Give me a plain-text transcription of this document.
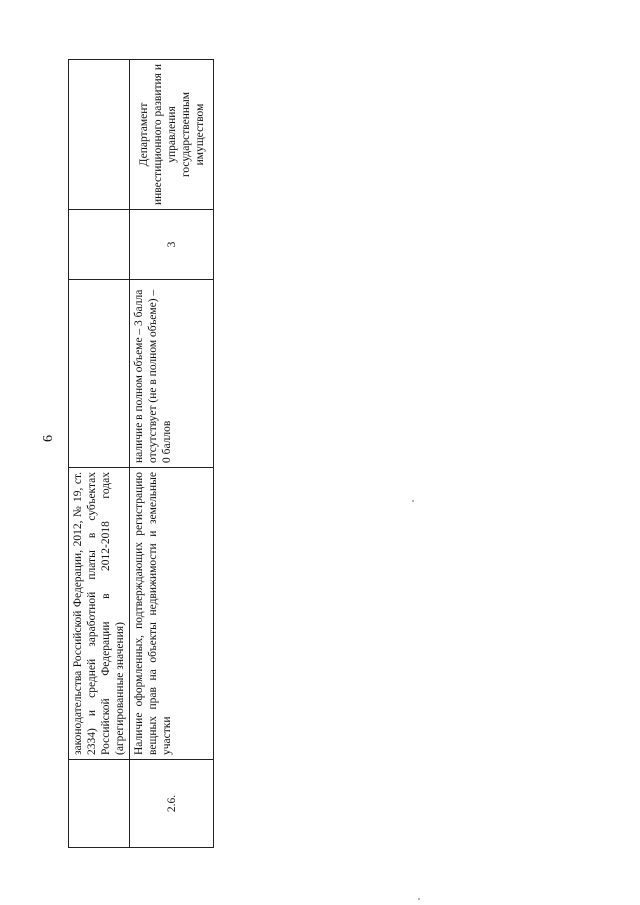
6
	законодательства Российской Федерации, 2012, № 19, ст. 2334) и средней заработной платы в субъектах Российской Федерации в 2012-2018 годах (агрегированные значения)			
2.6.	Наличие оформленных, подтверждающих регистрацию вещных прав на объекты недвижимости и земельные участки	наличие в полном объеме – 3 балла
отсутствует (не в полном объеме) – 0 баллов	3	Департамент инвестиционного развития и управления государственным имуществом
